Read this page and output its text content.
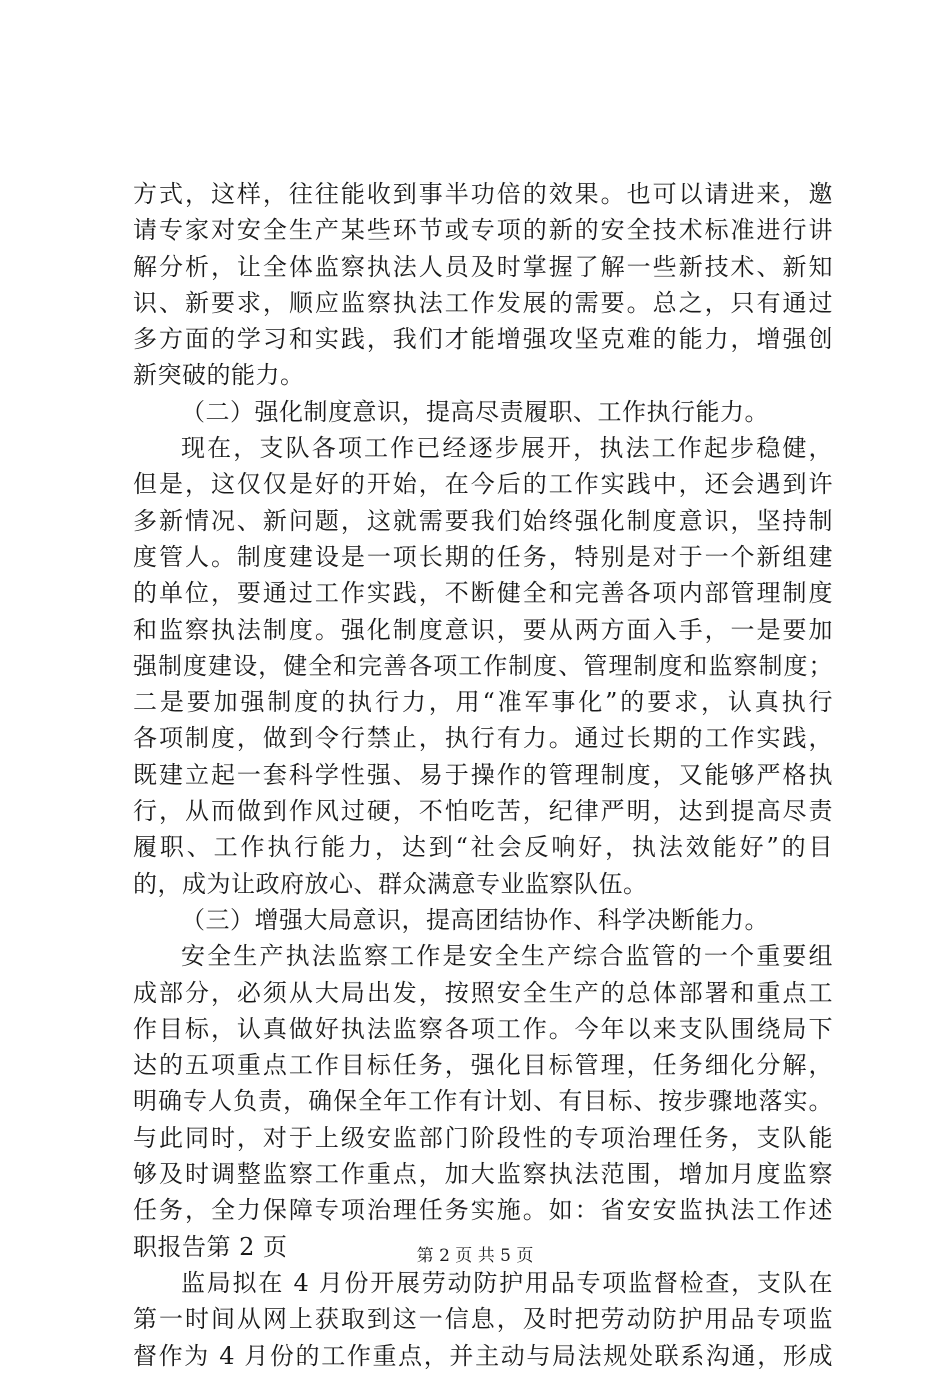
方式，这样，往往能收到事半功倍的效果。也可以请进来，邀
请专家对安全生产某些环节或专项的新的安全技术标准进行讲
解分析，让全体监察执法人员及时掌握了解一些新技术、新知
识、新要求，顺应监察执法工作发展的需要。总之，只有通过
多方面的学习和实践，我们才能增强攻坚克难的能力，增强创
新突破的能力。
（二）强化制度意识，提高尽责履职、工作执行能力。
现在，支队各项工作已经逐步展开，执法工作起步稳健，
但是，这仅仅是好的开始，在今后的工作实践中，还会遇到许
多新情况、新问题，这就需要我们始终强化制度意识，坚持制
度管人。制度建设是一项长期的任务，特别是对于一个新组建
的单位，要通过工作实践，不断健全和完善各项内部管理制度
和监察执法制度。强化制度意识，要从两方面入手，一是要加
强制度建设，健全和完善各项工作制度、管理制度和监察制度；
二是要加强制度的执行力，用“准军事化”的要求，认真执行
各项制度，做到令行禁止，执行有力。通过长期的工作实践，
既建立起一套科学性强、易于操作的管理制度，又能够严格执
行，从而做到作风过硬，不怕吃苦，纪律严明，达到提高尽责
履职、工作执行能力，达到“社会反响好，执法效能好”的目
的，成为让政府放心、群众满意专业监察队伍。
（三）增强大局意识，提高团结协作、科学决断能力。
安全生产执法监察工作是安全生产综合监管的一个重要组
成部分，必须从大局出发，按照安全生产的总体部署和重点工
作目标，认真做好执法监察各项工作。今年以来支队围绕局下
达的五项重点工作目标任务，强化目标管理，任务细化分解，
明确专人负责，确保全年工作有计划、有目标、按步骤地落实。
与此同时，对于上级安监部门阶段性的专项治理任务，支队能
够及时调整监察工作重点，加大监察执法范围，增加月度监察
任务，全力保障专项治理任务实施。如：省安安监执法工作述
职报告第 2 页
监局拟在 4 月份开展劳动防护用品专项监督检查，支队在
第一时间从网上获取到这一信息，及时把劳动防护用品专项监
督作为 4 月份的工作重点，并主动与局法规处联系沟通，形成
第 2 页 共 5 页
